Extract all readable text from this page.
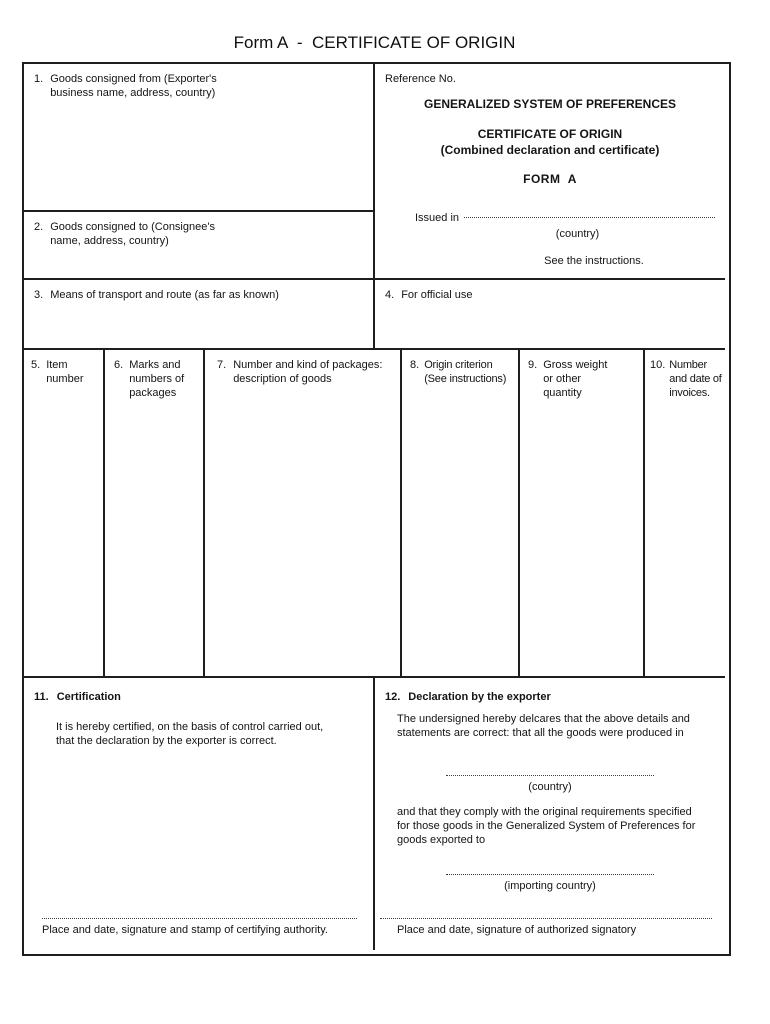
Form A  -  CERTIFICATE OF ORIGIN
1. Goods consigned from (Exporter's business name, address, country)
2. Goods consigned to (Consignee's name, address, country)
3. Means of transport and route (as far as known)
Reference No.
GENERALIZED SYSTEM OF PREFERENCES
CERTIFICATE OF ORIGIN
(Combined declaration and certificate)
FORM  A
Issued in
(country)
See the instructions.
4. For official use
5. Item number
6. Marks and numbers of packages
7. Number and kind of packages: description of goods
8. Origin criterion (See instructions)
9. Gross weight or other quantity
10. Number and date of invoices.
11. Certification
It is hereby certified, on the basis of control carried out, that the declaration by the exporter is correct.
Place and date, signature and stamp of certifying authority.
12. Declaration by the exporter
The undersigned hereby delcares that the above details and statements are correct: that all the goods were produced in
(country)
and that they comply with the original requirements specified for those goods in the Generalized System of Preferences for goods exported to
(importing country)
Place and date, signature of authorized signatory
